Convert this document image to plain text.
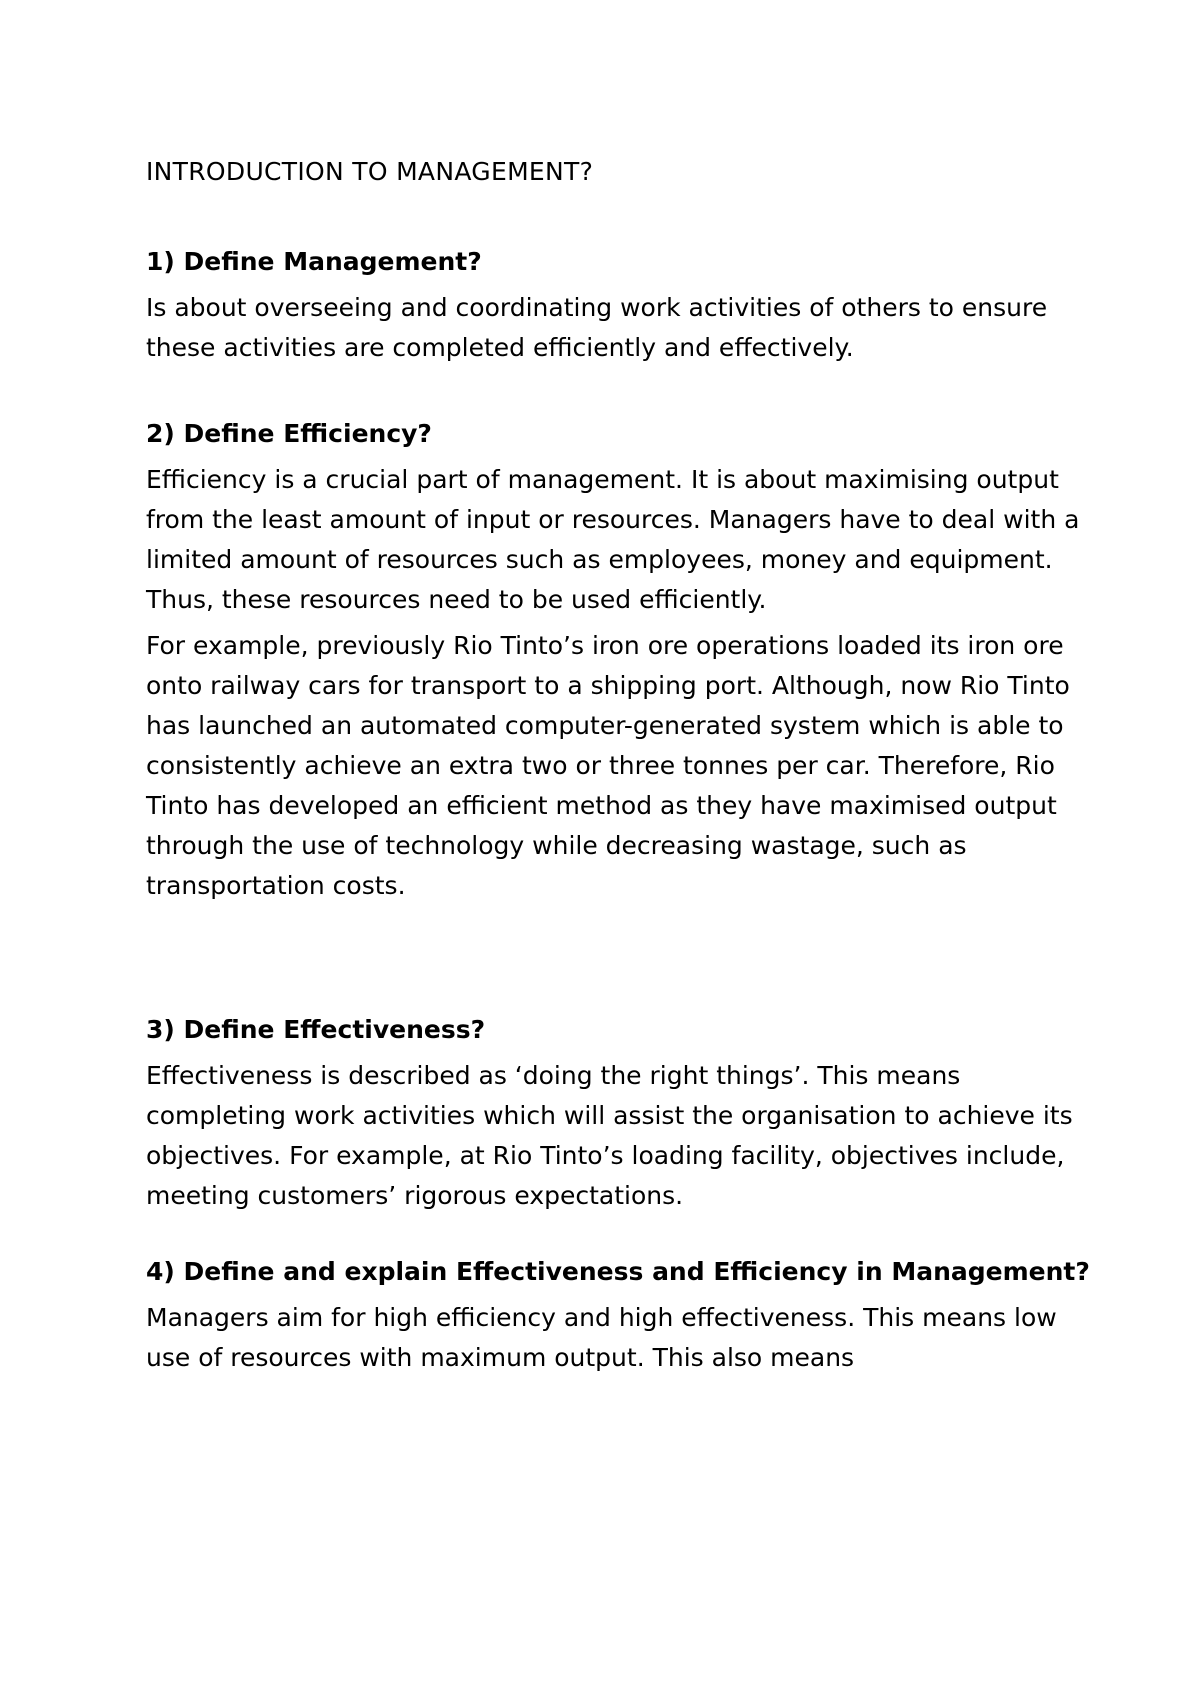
INTRODUCTION TO MANAGEMENT?
1) Define Management?

Is about overseeing and coordinating work activities of others to ensure these activities are completed efficiently and effectively.

2) Define Efficiency?

Efficiency is a crucial part of management. It is about maximising output from the least amount of input or resources. Managers have to deal with a limited amount of resources such as employees, money and equipment. Thus, these resources need to be used efficiently.

For example, previously Rio Tinto’s iron ore operations loaded its iron ore onto railway cars for transport to a shipping port. Although, now Rio Tinto has launched an automated computer-generated system which is able to consistently achieve an extra two or three tonnes per car. Therefore, Rio Tinto has developed an efficient method as they have maximised output through the use of technology while decreasing wastage, such as transportation costs.

3) Define Effectiveness?

Effectiveness is described as ‘doing the right things’. This means completing work activities which will assist the organisation to achieve its objectives. For example, at Rio Tinto’s loading facility, objectives include, meeting customers’ rigorous expectations.

4) Define and explain Effectiveness and Efficiency in Management?

Managers aim for high efficiency and high effectiveness. This means low use of resources with maximum output. This also means
